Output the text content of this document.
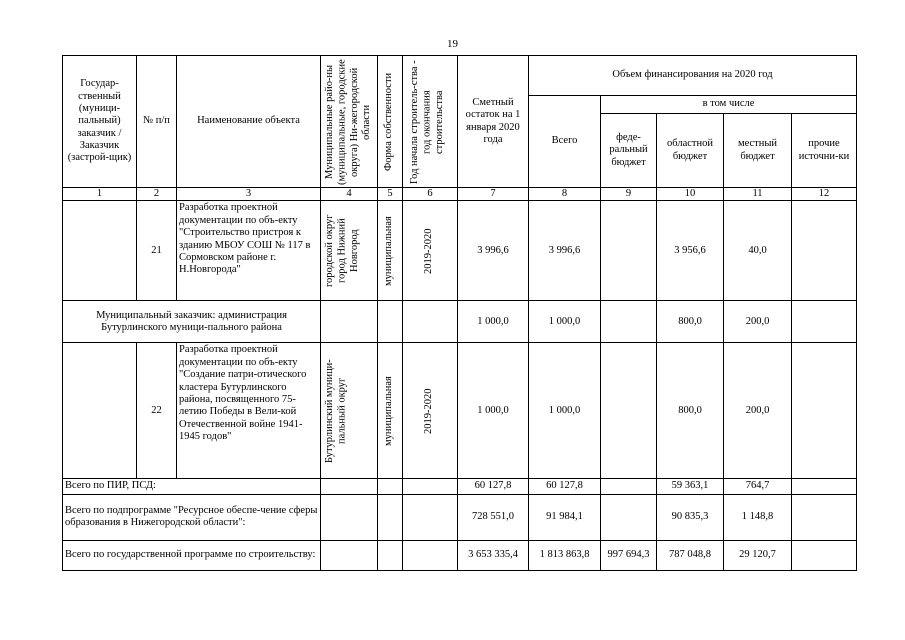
19
Государ-ственный (муници-пальный) заказчик / Заказчик (застрой-щик)	№ п/п	Наименование объекта	Муниципальные райо-ны (муниципальные, городские округа) Ни-жегородской области	Форма собственности	Год начала строитель-ства - год окончания строительства	Сметный остаток на 1 января 2020 года	Объем финансирования на 2020 год				
							Всего	в том числе			
								феде-ральный бюджет	областной бюджет	местный бюджет	прочие источни-ки
1	2	3	4	5	6	7	8	9	10	11	12
	21	Разработка проектной документации по объ-екту "Строительство пристроя к зданию МБОУ СОШ № 117 в Сормовском районе г. Н.Новгорода"	городской округ город Нижний Новгород	муниципальная	2019-2020	3 996,6	3 996,6		3 956,6	40,0	
Муниципальный заказчик: администрация Бутурлинского муници-пального района						1 000,0	1 000,0		800,0	200,0	
	22	Разработка проектной документации по объ-екту "Создание патри-отического кластера Бутурлинского района, посвященного 75-летию Победы в Вели-кой Отечественной войне 1941-1945 годов"	Бутурлинский муници-пальный округ	муниципальная	2019-2020	1 000,0	1 000,0		800,0	200,0	
Всего по ПИР, ПСД:						60 127,8	60 127,8		59 363,1	764,7	
Всего по подпрограмме "Ресурсное обеспе-чение сферы образования в Нижегородской области":						728 551,0	91 984,1		90 835,3	1 148,8	
Всего по государственной программе по строительству:						3 653 335,4	1 813 863,8	997 694,3	787 048,8	29 120,7	
